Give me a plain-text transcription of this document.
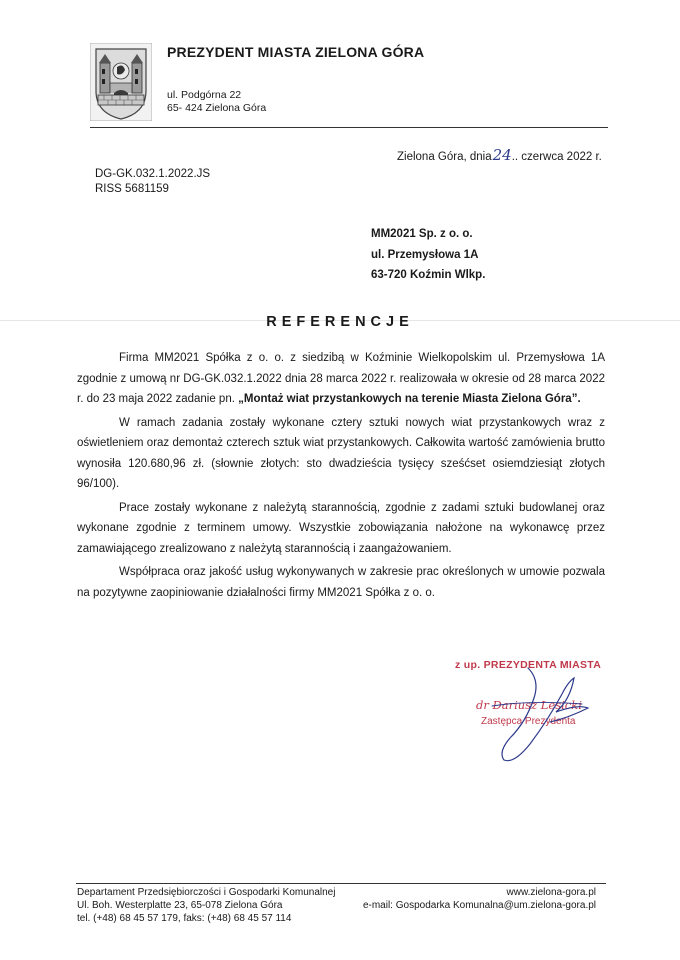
PREZYDENT MIASTA ZIELONA GÓRA
ul. Podgórna 22
65- 424 Zielona Góra
Zielona Góra, dnia24.. czerwca 2022 r.
DG-GK.032.1.2022.JS
RISS 5681159
MM2021 Sp. z o. o.
ul. Przemysłowa 1A
63-720 Koźmin Wlkp.
REFERENCJE

Firma MM2021 Spółka z o. o. z siedzibą w Koźminie Wielkopolskim ul. Przemysłowa 1A zgodnie z umową nr DG-GK.032.1.2022 dnia 28 marca 2022 r. realizowała w okresie od 28 marca 2022 r. do 23 maja 2022 zadanie pn. „Montaż wiat przystankowych na terenie Miasta Zielona Góra”.

W ramach zadania zostały wykonane cztery sztuki nowych wiat przystankowych wraz z oświetleniem oraz demontaż czterech sztuk wiat przystankowych. Całkowita wartość zamówienia brutto wynosiła 120.680,96 zł. (słownie złotych: sto dwadzieścia tysięcy sześćset osiemdziesiąt złotych 96/100).

Prace zostały wykonane z należytą starannością, zgodnie z zadami sztuki budowlanej oraz wykonane zgodnie z terminem umowy. Wszystkie zobowiązania nałożone na wykonawcę przez zamawiającego zrealizowano z należytą starannością i zaangażowaniem.

Współpraca oraz jakość usług wykonywanych w zakresie prac określonych w umowie pozwala na pozytywne zaopiniowanie działalności firmy MM2021 Spółka z o. o.

z up. PREZYDENTA MIASTA
dr Dariusz Lesicki
Zastępca Prezydenta
Departament Przedsiębiorczości i Gospodarki Komunalnej
Ul. Boh. Westerplatte 23, 65-078 Zielona Góra
tel. (+48) 68 45 57 179, faks: (+48) 68 45 57 114
www.zielona-gora.pl
e-mail: Gospodarka Komunalna@um.zielona-gora.pl
